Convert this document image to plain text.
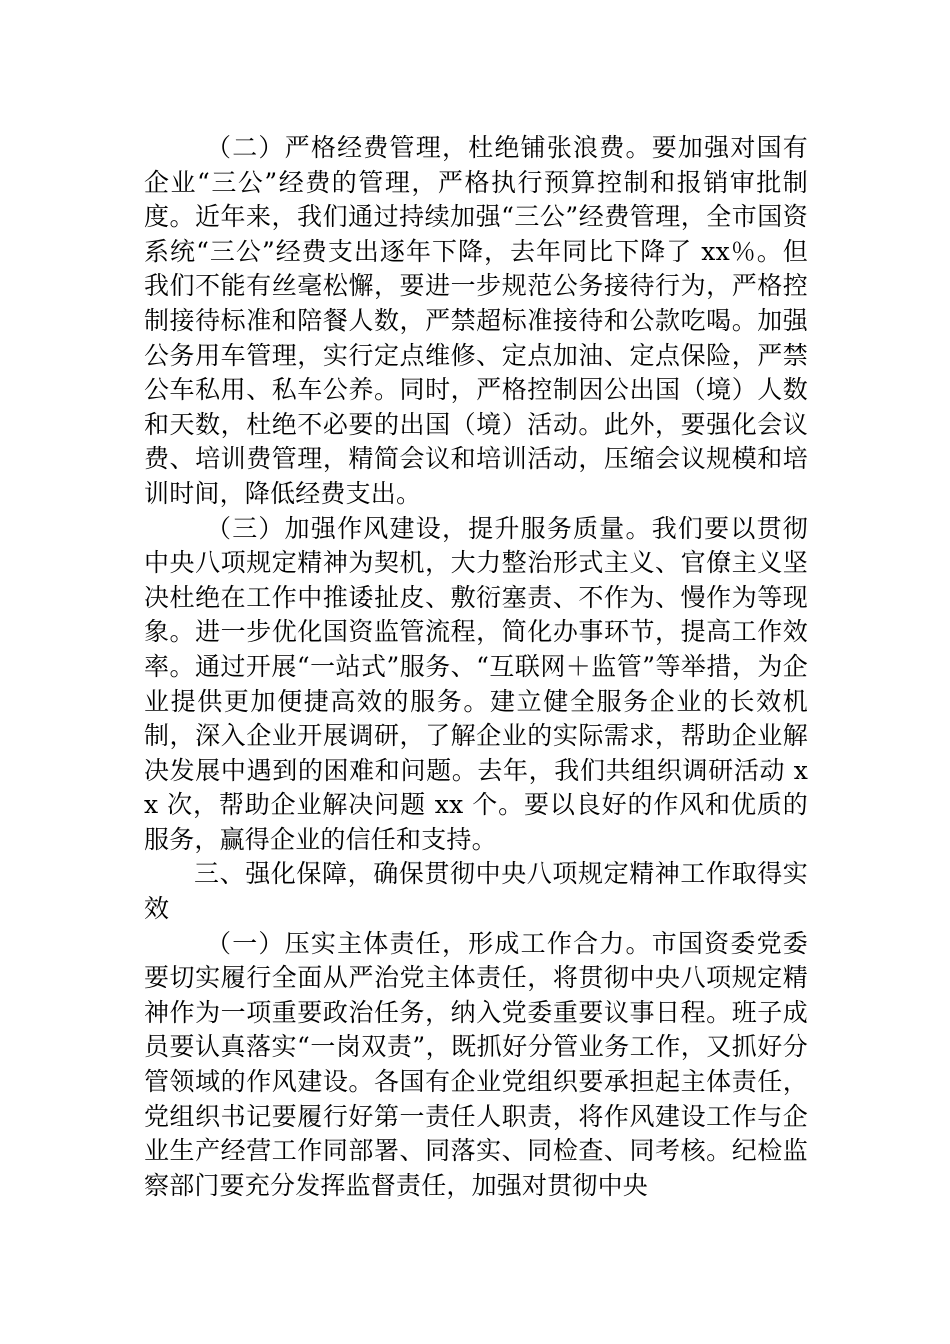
（二）严格经费管理，杜绝铺张浪费。要加强对国有企业“三公”经费的管理，严格执行预算控制和报销审批制度。近年来，我们通过持续加强“三公”经费管理，全市国资系统“三公”经费支出逐年下降，去年同比下降了 xx％。但我们不能有丝毫松懈，要进一步规范公务接待行为，严格控制接待标准和陪餐人数，严禁超标准接待和公款吃喝。加强公务用车管理，实行定点维修、定点加油、定点保险，严禁公车私用、私车公养。同时，严格控制因公出国（境）人数和天数，杜绝不必要的出国（境）活动。此外，要强化会议费、培训费管理，精简会议和培训活动，压缩会议规模和培训时间，降低经费支出。

（三）加强作风建设，提升服务质量。我们要以贯彻中央八项规定精神为契机，大力整治形式主义、官僚主义坚决杜绝在工作中推诿扯皮、敷衍塞责、不作为、慢作为等现象。进一步优化国资监管流程，简化办事环节，提高工作效率。通过开展“一站式”服务、“互联网＋监管”等举措，为企业提供更加便捷高效的服务。建立健全服务企业的长效机制，深入企业开展调研，了解企业的实际需求，帮助企业解决发展中遇到的困难和问题。去年，我们共组织调研活动 xx 次，帮助企业解决问题 xx 个。要以良好的作风和优质的服务，赢得企业的信任和支持。

三、强化保障，确保贯彻中央八项规定精神工作取得实效

（一）压实主体责任，形成工作合力。市国资委党委要切实履行全面从严治党主体责任，将贯彻中央八项规定精神作为一项重要政治任务，纳入党委重要议事日程。班子成员要认真落实“一岗双责”，既抓好分管业务工作，又抓好分管领域的作风建设。各国有企业党组织要承担起主体责任，党组织书记要履行好第一责任人职责，将作风建设工作与企业生产经营工作同部署、同落实、同检查、同考核。纪检监察部门要充分发挥监督责任，加强对贯彻中央
